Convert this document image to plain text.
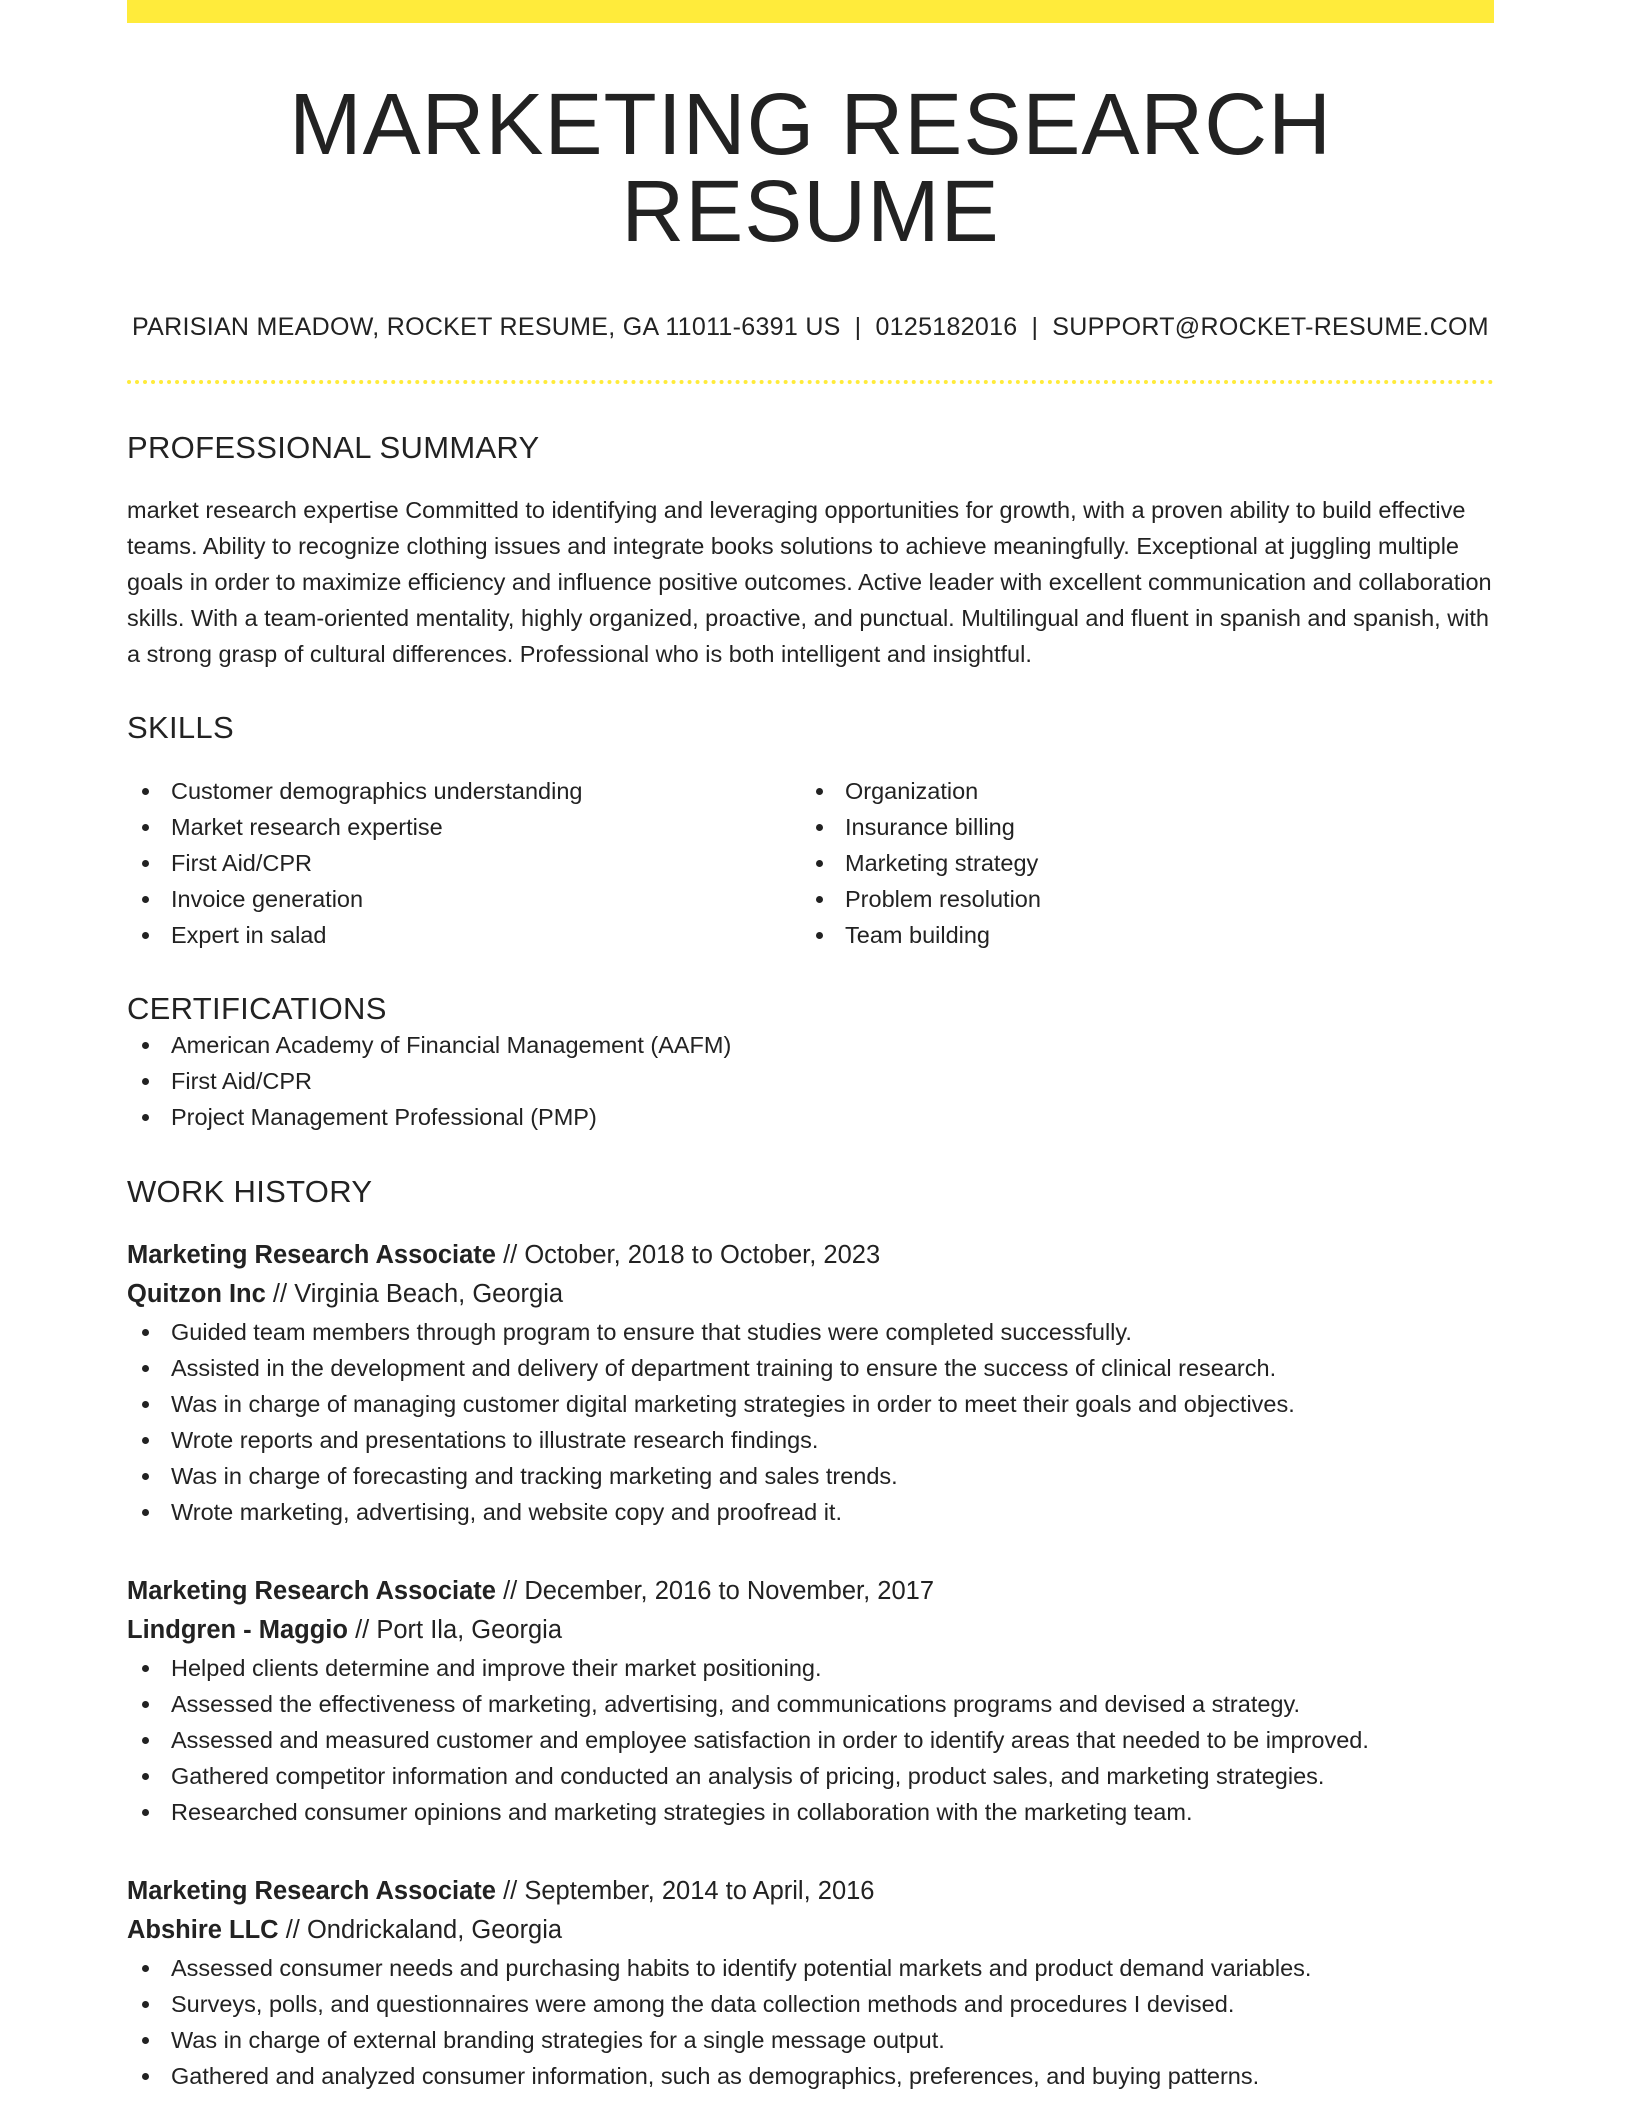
MARKETING RESEARCH RESUME
PARISIAN MEADOW, ROCKET RESUME, GA 11011-6391 US | 0125182016 | SUPPORT@ROCKET-RESUME.COM
PROFESSIONAL SUMMARY

market research expertise Committed to identifying and leveraging opportunities for growth, with a proven ability to build effective teams. Ability to recognize clothing issues and integrate books solutions to achieve meaningfully. Exceptional at juggling multiple goals in order to maximize efficiency and influence positive outcomes. Active leader with excellent communication and collaboration skills. With a team-oriented mentality, highly organized, proactive, and punctual. Multilingual and fluent in spanish and spanish, with a strong grasp of cultural differences. Professional who is both intelligent and insightful.

SKILLS
Customer demographics understanding
Market research expertise
First Aid/CPR
Invoice generation
Expert in salad
Organization
Insurance billing
Marketing strategy
Problem resolution
Team building
CERTIFICATIONS
American Academy of Financial Management (AAFM)
First Aid/CPR
Project Management Professional (PMP)
WORK HISTORY
Marketing Research Associate // October, 2018 to October, 2023
Quitzon Inc // Virginia Beach, Georgia
Guided team members through program to ensure that studies were completed successfully.
Assisted in the development and delivery of department training to ensure the success of clinical research.
Was in charge of managing customer digital marketing strategies in order to meet their goals and objectives.
Wrote reports and presentations to illustrate research findings.
Was in charge of forecasting and tracking marketing and sales trends.
Wrote marketing, advertising, and website copy and proofread it.
Marketing Research Associate // December, 2016 to November, 2017
Lindgren - Maggio // Port Ila, Georgia
Helped clients determine and improve their market positioning.
Assessed the effectiveness of marketing, advertising, and communications programs and devised a strategy.
Assessed and measured customer and employee satisfaction in order to identify areas that needed to be improved.
Gathered competitor information and conducted an analysis of pricing, product sales, and marketing strategies.
Researched consumer opinions and marketing strategies in collaboration with the marketing team.
Marketing Research Associate // September, 2014 to April, 2016
Abshire LLC // Ondrickaland, Georgia
Assessed consumer needs and purchasing habits to identify potential markets and product demand variables.
Surveys, polls, and questionnaires were among the data collection methods and procedures I devised.
Was in charge of external branding strategies for a single message output.
Gathered and analyzed consumer information, such as demographics, preferences, and buying patterns.
